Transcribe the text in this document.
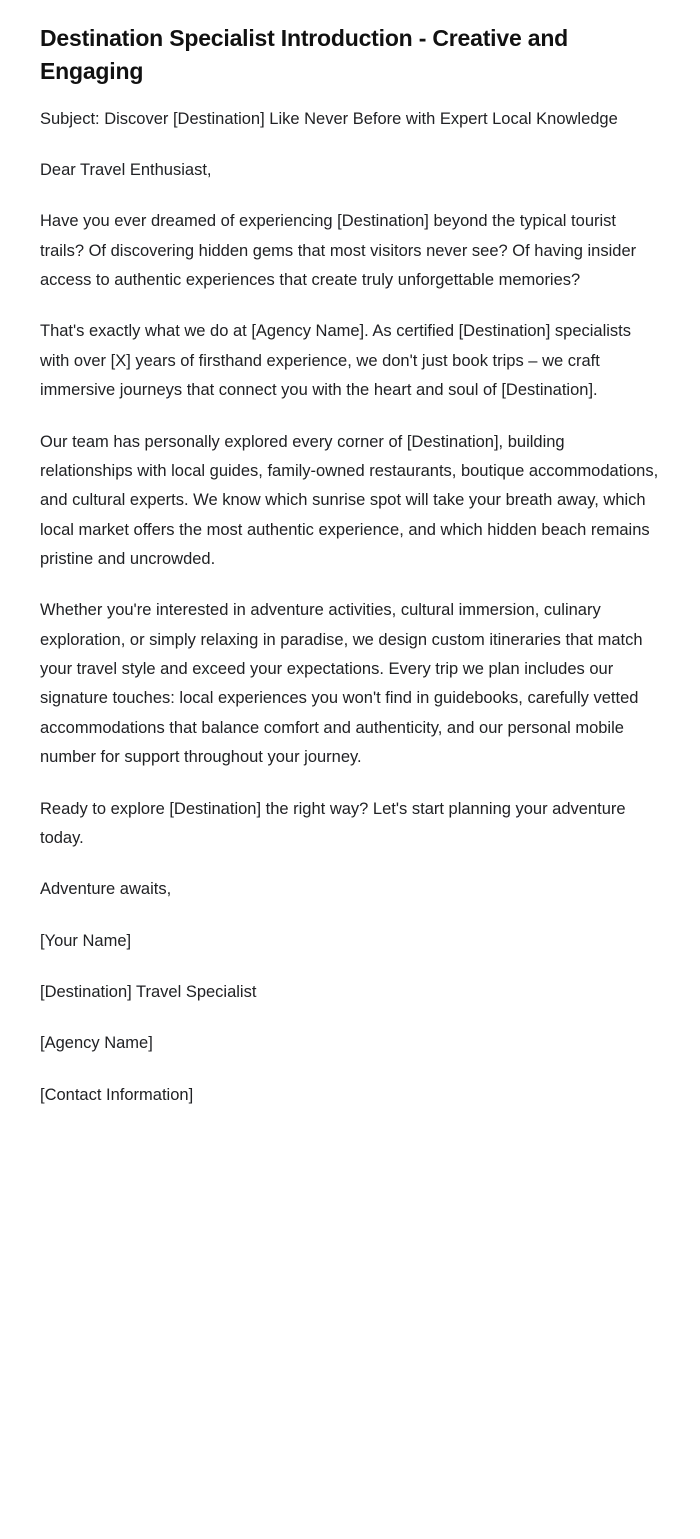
Destination Specialist Introduction - Creative and Engaging

Subject: Discover [Destination] Like Never Before with Expert Local Knowledge

Dear Travel Enthusiast,

Have you ever dreamed of experiencing [Destination] beyond the typical tourist trails? Of discovering hidden gems that most visitors never see? Of having insider access to authentic experiences that create truly unforgettable memories?

That's exactly what we do at [Agency Name]. As certified [Destination] specialists with over [X] years of firsthand experience, we don't just book trips – we craft immersive journeys that connect you with the heart and soul of [Destination].

Our team has personally explored every corner of [Destination], building relationships with local guides, family-owned restaurants, boutique accommodations, and cultural experts. We know which sunrise spot will take your breath away, which local market offers the most authentic experience, and which hidden beach remains pristine and uncrowded.

Whether you're interested in adventure activities, cultural immersion, culinary exploration, or simply relaxing in paradise, we design custom itineraries that match your travel style and exceed your expectations. Every trip we plan includes our signature touches: local experiences you won't find in guidebooks, carefully vetted accommodations that balance comfort and authenticity, and our personal mobile number for support throughout your journey.

Ready to explore [Destination] the right way? Let's start planning your adventure today.

Adventure awaits,

[Your Name]

[Destination] Travel Specialist

[Agency Name]

[Contact Information]
